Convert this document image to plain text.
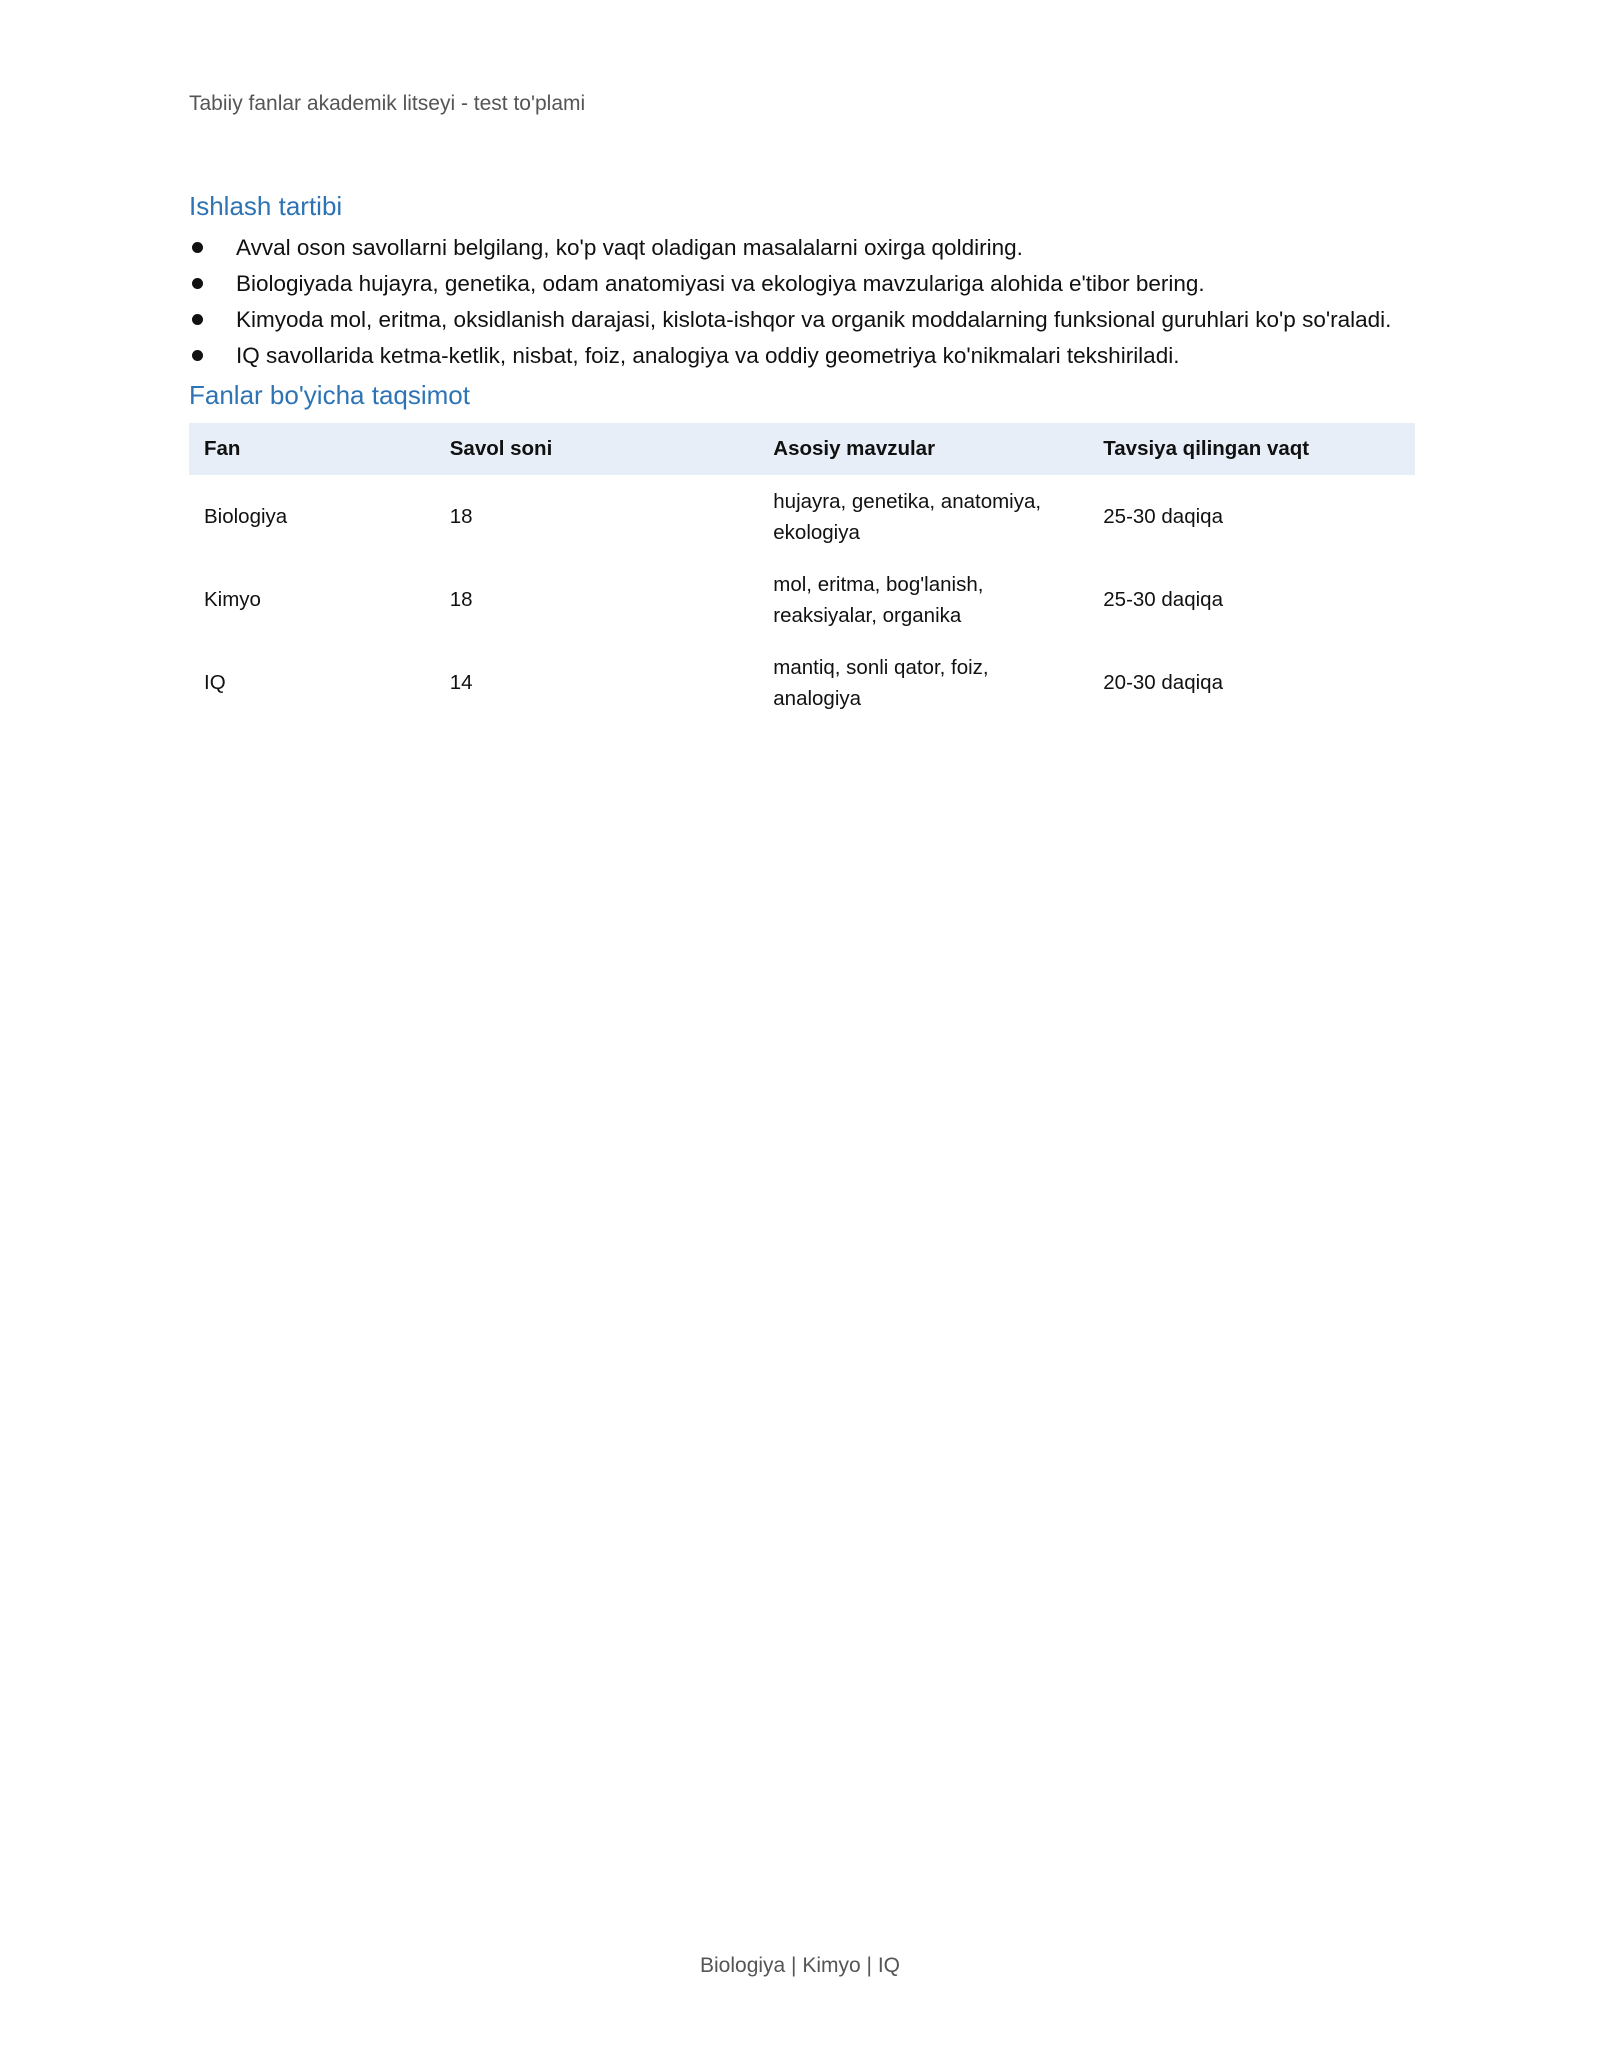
Tabiiy fanlar akademik litseyi - test to'plami
Ishlash tartibi
Avval oson savollarni belgilang, ko'p vaqt oladigan masalalarni oxirga qoldiring.
Biologiyada hujayra, genetika, odam anatomiyasi va ekologiya mavzulariga alohida e'tibor bering.
Kimyoda mol, eritma, oksidlanish darajasi, kislota-ishqor va organik moddalarning funksional guruhlari ko'p so'raladi.
IQ savollarida ketma-ketlik, nisbat, foiz, analogiya va oddiy geometriya ko'nikmalari tekshiriladi.
Fanlar bo'yicha taqsimot
Fan	Savol soni	Asosiy mavzular	Tavsiya qilingan vaqt
Biologiya	18	hujayra, genetika, anatomiya, ekologiya	25-30 daqiqa
Kimyo	18	mol, eritma, bog'lanish, reaksiyalar, organika	25-30 daqiqa
IQ	14	mantiq, sonli qator, foiz, analogiya	20-30 daqiqa
Biologiya | Kimyo | IQ
